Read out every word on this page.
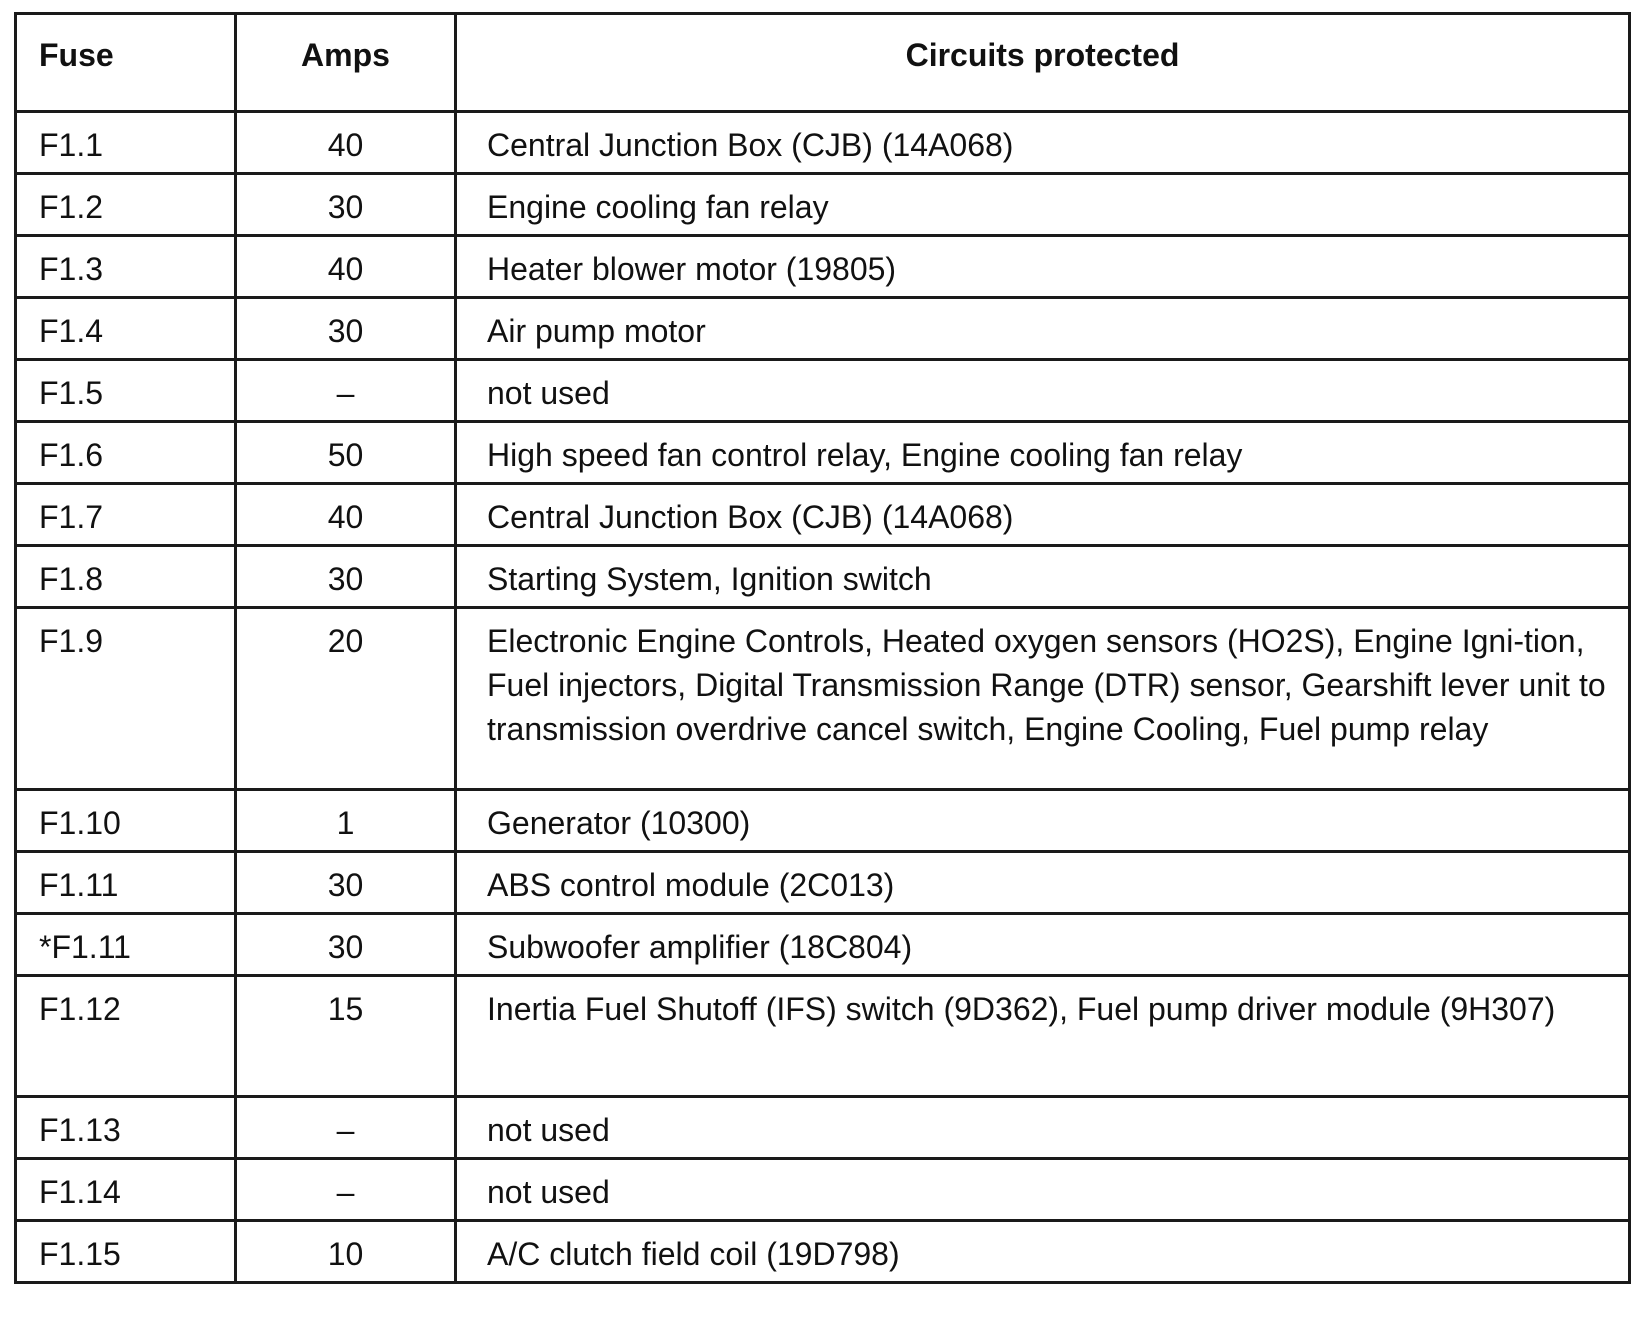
Fuse	Amps	Circuits protected
F1.1	40	Central Junction Box (CJB) (14A068)
F1.2	30	Engine cooling fan relay
F1.3	40	Heater blower motor (19805)
F1.4	30	Air pump motor
F1.5	–	not used
F1.6	50	High speed fan control relay, Engine cooling fan relay
F1.7	40	Central Junction Box (CJB) (14A068)
F1.8	30	Starting System, Ignition switch
F1.9	20	Electronic Engine Controls, Heated oxygen sensors (HO2S), Engine Igni-tion, Fuel injectors, Digital Transmission Range (DTR) sensor, Gearshift lever unit to transmission overdrive cancel switch, Engine Cooling, Fuel pump relay
F1.10	1	Generator (10300)
F1.11	30	ABS control module (2C013)
*F1.11	30	Subwoofer amplifier (18C804)
F1.12	15	Inertia Fuel Shutoff (IFS) switch (9D362), Fuel pump driver module (9H307)
F1.13	–	not used
F1.14	–	not used
F1.15	10	A/C clutch field coil (19D798)
